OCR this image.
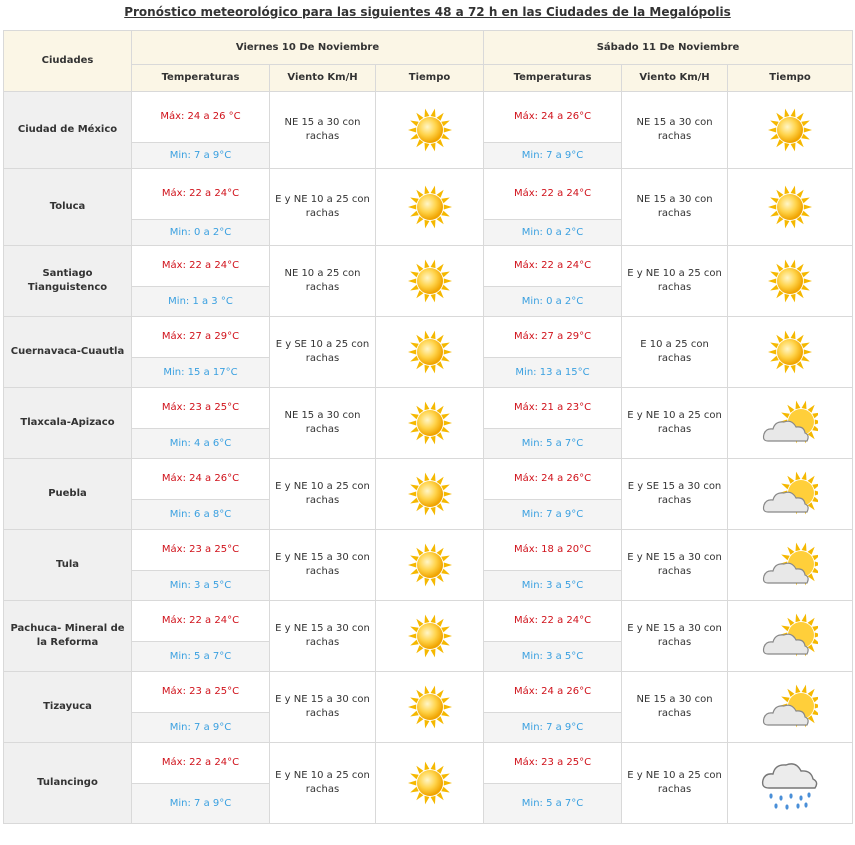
Pronóstico meteorológico para las siguientes 48 a 72 h en las Ciudades de la Megalópolis
Ciudades	Viernes 10 De Noviembre			Sábado 11 De Noviembre		
	Temperaturas	Viento Km/H	Tiempo	Temperaturas	Viento Km/H	Tiempo
Ciudad de México	Máx: 24 a 26 °C	NE 15 a 30 con rachas		Máx: 24 a 26°C	NE 15 a 30 con rachas	
	Min: 7 a 9°C			Min: 7 a 9°C		
Toluca	Máx: 22 a 24°C	E y NE 10 a 25 con rachas		Máx: 22 a 24°C	NE 15 a 30 con rachas	
	Min: 0 a 2°C			Min: 0 a 2°C		
Santiago Tianguistenco	Máx: 22 a 24°C	NE 10 a 25 con rachas		Máx: 22 a 24°C	E y NE 10 a 25 con rachas	
	Min: 1 a 3 °C			Min: 0 a 2°C		
Cuernavaca-Cuautla	Máx: 27 a 29°C	E y SE 10 a 25 con rachas		Máx: 27 a 29°C	E 10 a 25 con rachas	
	Min: 15 a 17°C			Min: 13 a 15°C		
Tlaxcala-Apizaco	Máx: 23 a 25°C	NE 15 a 30 con rachas		Máx: 21 a 23°C	E y NE 10 a 25 con rachas	
	Min: 4 a 6°C			Min: 5 a 7°C		
Puebla	Máx: 24 a 26°C	E y NE 10 a 25 con rachas		Máx: 24 a 26°C	E y SE 15 a 30 con rachas	
	Min: 6 a 8°C			Min: 7 a 9°C		
Tula	Máx: 23 a 25°C	E y NE 15 a 30 con rachas		Máx: 18 a 20°C	E y NE 15 a 30 con rachas	
	Min: 3 a 5°C			Min: 3 a 5°C		
Pachuca- Mineral de la Reforma	Máx: 22 a 24°C	E y NE 15 a 30 con rachas		Máx: 22 a 24°C	E y NE 15 a 30 con rachas	
	Min: 5 a 7°C			Min: 3 a 5°C		
Tizayuca	Máx: 23 a 25°C	E y NE 15 a 30 con rachas		Máx: 24 a 26°C	NE 15 a 30 con rachas	
	Min: 7 a 9°C			Min: 7 a 9°C		
Tulancingo	Máx: 22 a 24°C	E y NE 10 a 25 con rachas		Máx: 23 a 25°C	E y NE 10 a 25 con rachas	
	Min: 7 a 9°C			Min: 5 a 7°C		
